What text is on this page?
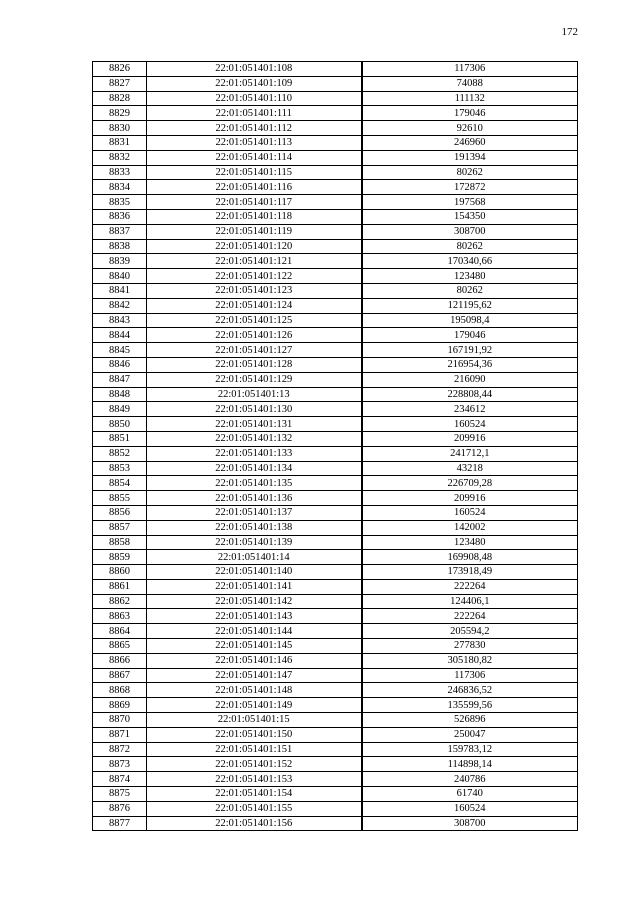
172
8826	22:01:051401:108	117306
8827	22:01:051401:109	74088
8828	22:01:051401:110	111132
8829	22:01:051401:111	179046
8830	22:01:051401:112	92610
8831	22:01:051401:113	246960
8832	22:01:051401:114	191394
8833	22:01:051401:115	80262
8834	22:01:051401:116	172872
8835	22:01:051401:117	197568
8836	22:01:051401:118	154350
8837	22:01:051401:119	308700
8838	22:01:051401:120	80262
8839	22:01:051401:121	170340,66
8840	22:01:051401:122	123480
8841	22:01:051401:123	80262
8842	22:01:051401:124	121195,62
8843	22:01:051401:125	195098,4
8844	22:01:051401:126	179046
8845	22:01:051401:127	167191,92
8846	22:01:051401:128	216954,36
8847	22:01:051401:129	216090
8848	22:01:051401:13	228808,44
8849	22:01:051401:130	234612
8850	22:01:051401:131	160524
8851	22:01:051401:132	209916
8852	22:01:051401:133	241712,1
8853	22:01:051401:134	43218
8854	22:01:051401:135	226709,28
8855	22:01:051401:136	209916
8856	22:01:051401:137	160524
8857	22:01:051401:138	142002
8858	22:01:051401:139	123480
8859	22:01:051401:14	169908,48
8860	22:01:051401:140	173918,49
8861	22:01:051401:141	222264
8862	22:01:051401:142	124406,1
8863	22:01:051401:143	222264
8864	22:01:051401:144	205594,2
8865	22:01:051401:145	277830
8866	22:01:051401:146	305180,82
8867	22:01:051401:147	117306
8868	22:01:051401:148	246836,52
8869	22:01:051401:149	135599,56
8870	22:01:051401:15	526896
8871	22:01:051401:150	250047
8872	22:01:051401:151	159783,12
8873	22:01:051401:152	114898,14
8874	22:01:051401:153	240786
8875	22:01:051401:154	61740
8876	22:01:051401:155	160524
8877	22:01:051401:156	308700
